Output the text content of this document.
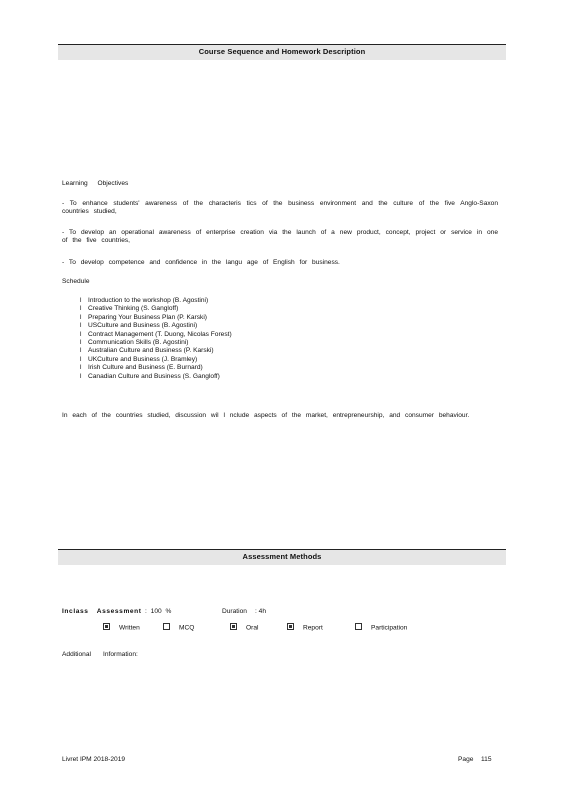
Course Sequence and Homework Description
Learning Objectives
- To enhance students' awareness of the characteris tics of the business environment and the culture of the five Anglo-Saxon countries studied,
- To develop an operational awareness of enterprise creation via the launch of a new product, concept, project or service in one of the five countries,
- To develop competence and confidence in the langu age of English for business.
Schedule
l Introduction to the workshop (B. Agostini)
l Creative Thinking (S. Gangloff)
l Preparing Your Business Plan (P. Karski)
l USCulture and Business (B. Agostini)
l Contract Management (T. Duong, Nicolas Forest)
l Communication Skills (B. Agostini)
l Australian Culture and Business (P. Karski)
l UKCulture and Business (J. Bramley)
l Irish Culture and Business (E. Burnard)
l Canadian Culture and Business (S. Gangloff)
In each of the countries studied, discussion wil l nclude aspects of the market, entrepreneurship, and consumer behaviour.
Assessment Methods
Inclass Assessment : 100 %	Duration : 4h
Written	MCQ	Oral	Report	Participation
Additional Information:
Livret IPM 2018-2019	Page 115
